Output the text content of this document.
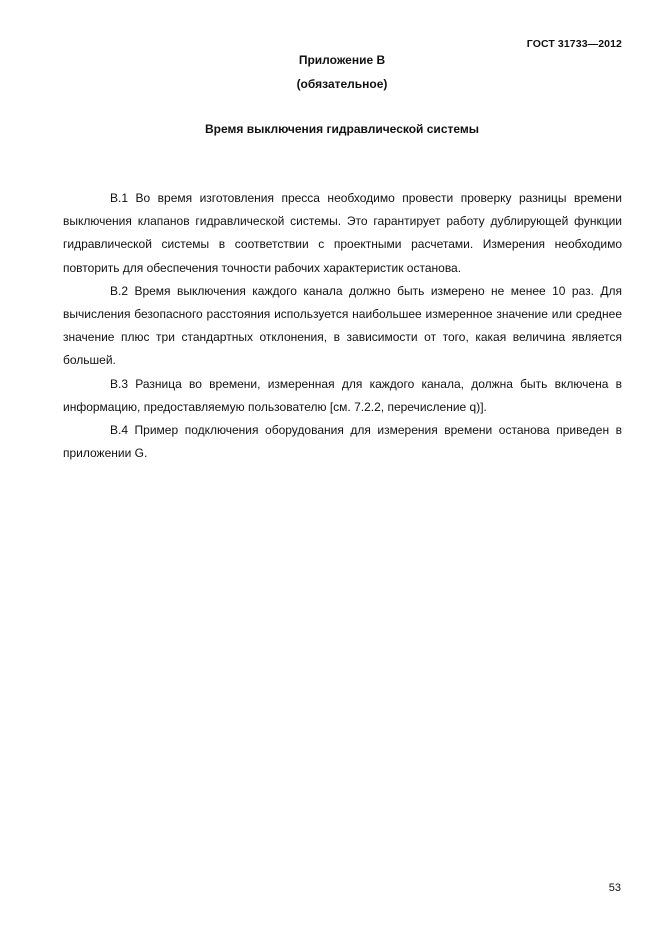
ГОСТ 31733—2012
Приложение В
(обязательное)
Время выключения гидравлической системы

В.1 Во время изготовления пресса необходимо провести проверку разницы времени выключения клапанов гидравлической системы. Это гарантирует работу дублирующей функции гидравлической системы в соответствии с проектными расчетами. Измерения необходимо повторить для обеспечения точности рабочих характеристик останова.

В.2 Время выключения каждого канала должно быть измерено не менее 10 раз. Для вычисления безопасного расстояния используется наибольшее измеренное значение или среднее значение плюс три стандартных отклонения, в зависимости от того, какая величина является большей.

В.3 Разница во времени, измеренная для каждого канала, должна быть включена в информацию, предоставляемую пользователю [см. 7.2.2, перечисление q)].

В.4 Пример подключения оборудования для измерения времени останова приведен в приложении G.

53
